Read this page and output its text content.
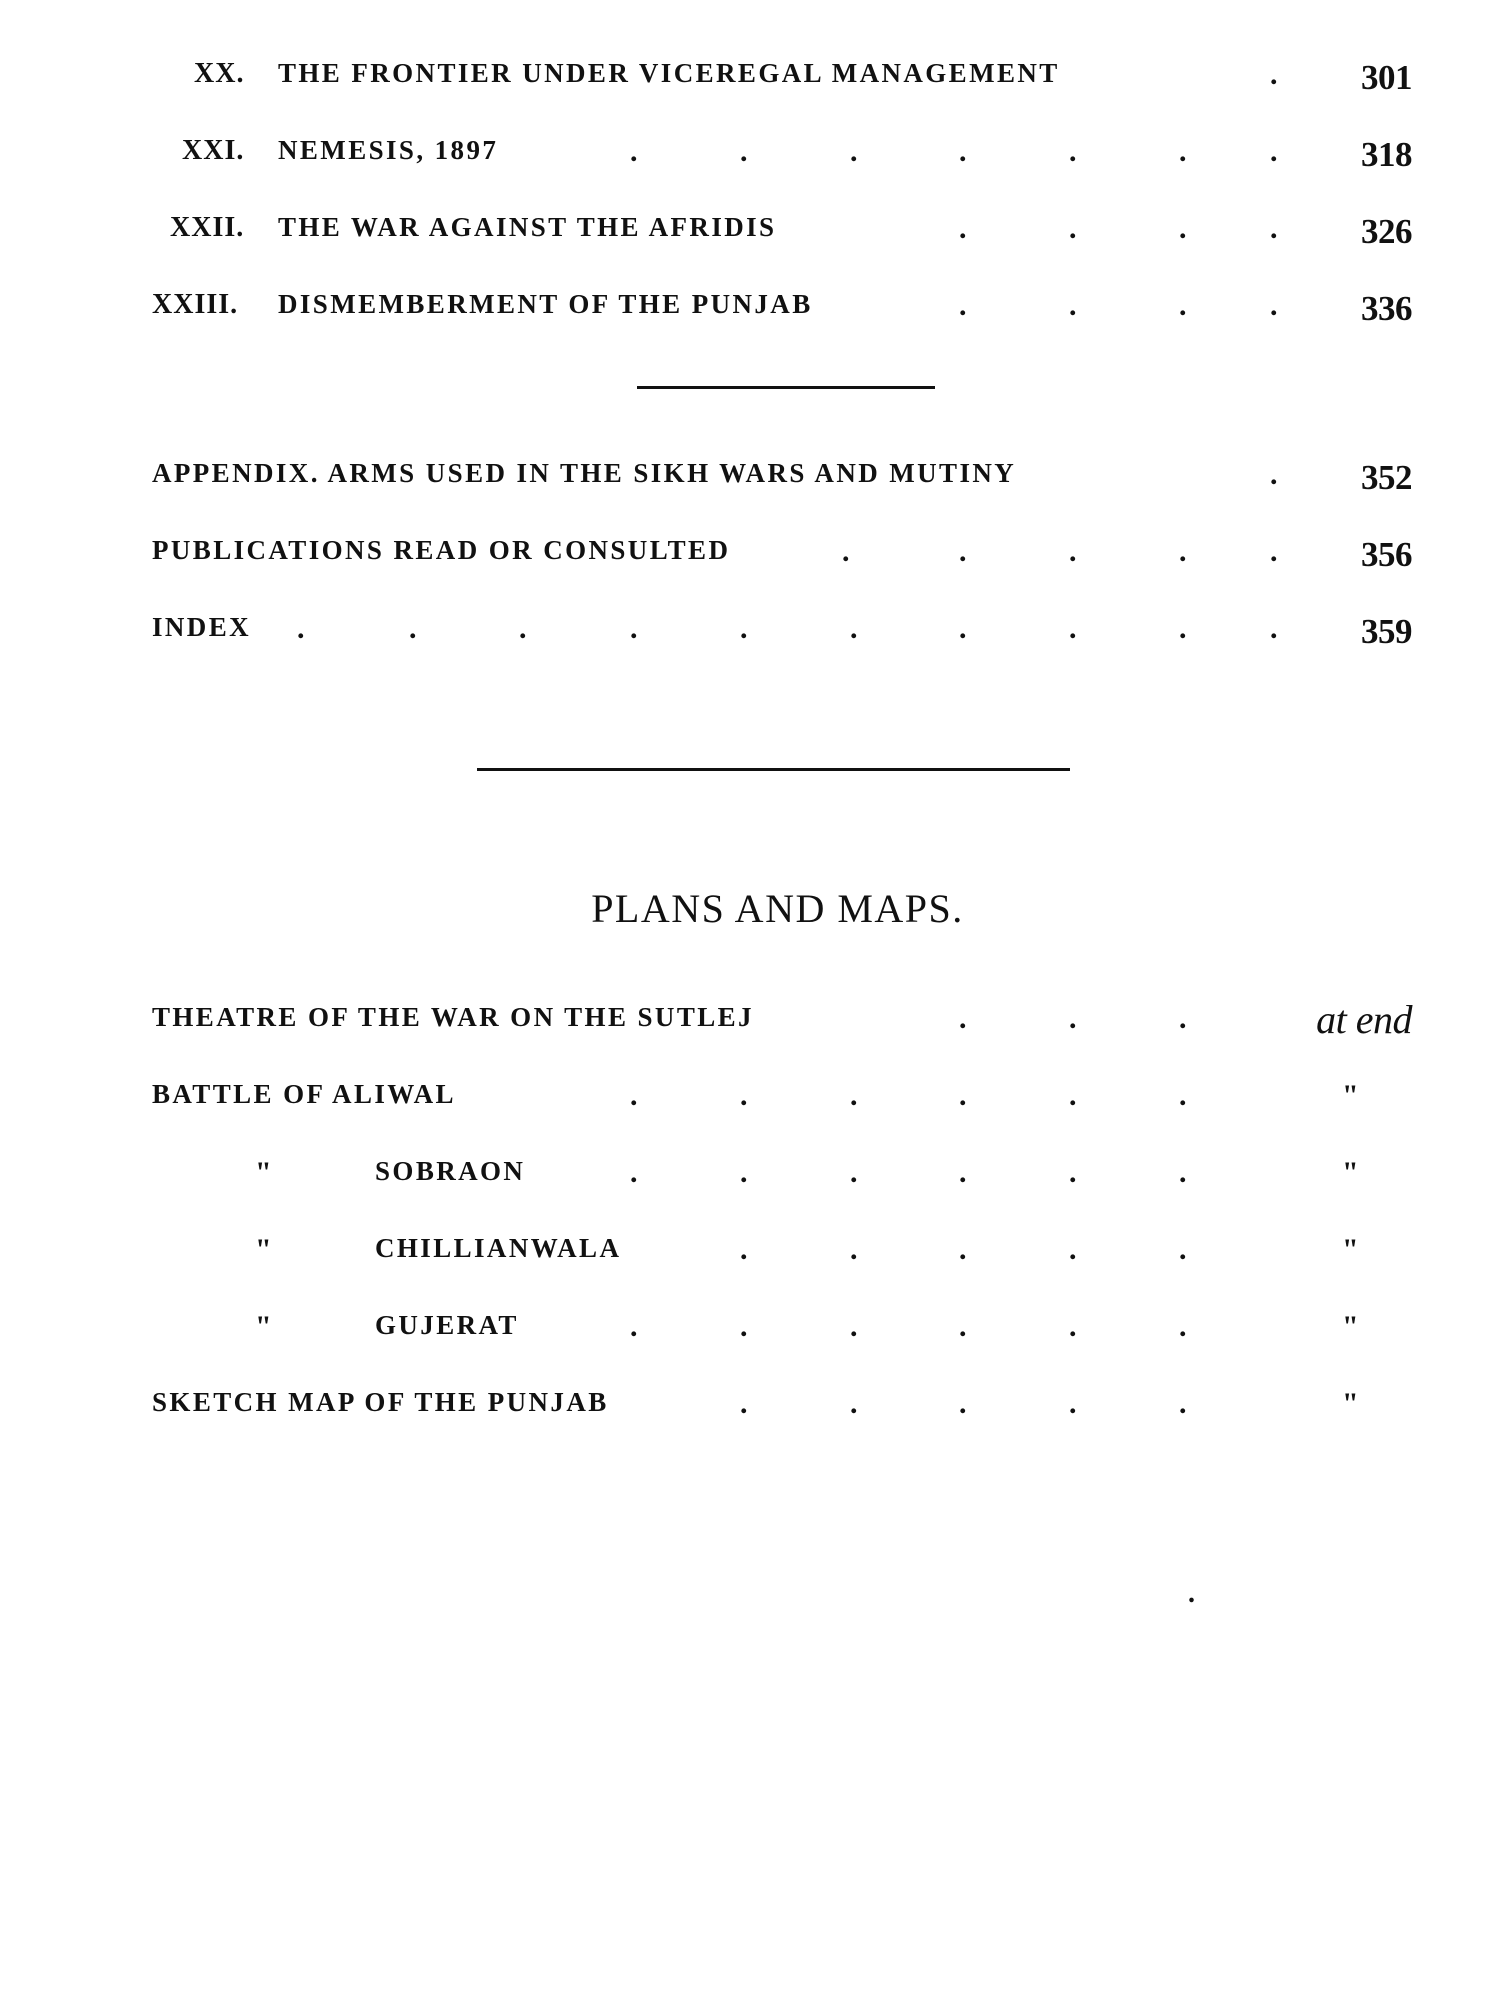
XX. THE FRONTIER UNDER VICEREGAL MANAGEMENT	. 301
XXI. NEMESIS, 1897	.	.	.	.	.	.	. 318
XXII. THE WAR AGAINST THE AFRIDIS	.	.	.	. 326
XXIII. DISMEMBERMENT OF THE PUNJAB	.	.	.	. 336
APPENDIX. ARMS USED IN THE SIKH WARS AND MUTINY	. 352
PUBLICATIONS READ OR CONSULTED	.	.	.	.	. 356
INDEX .	.	.	.	.	.	.	.	.	. 359
PLANS AND MAPS.
THEATRE OF THE WAR ON THE SUTLEJ	.	.	.	at end
BATTLE OF ALIWAL	.	.	.	.	.	.	"
"	SOBRAON	.	.	.	.	.	.	"
"	CHILLIANWALA	.	.	.	.	.	"
"	GUJERAT	.	.	.	.	.	.	"
SKETCH MAP OF THE PUNJAB	.	.	.	.	.	"
.
